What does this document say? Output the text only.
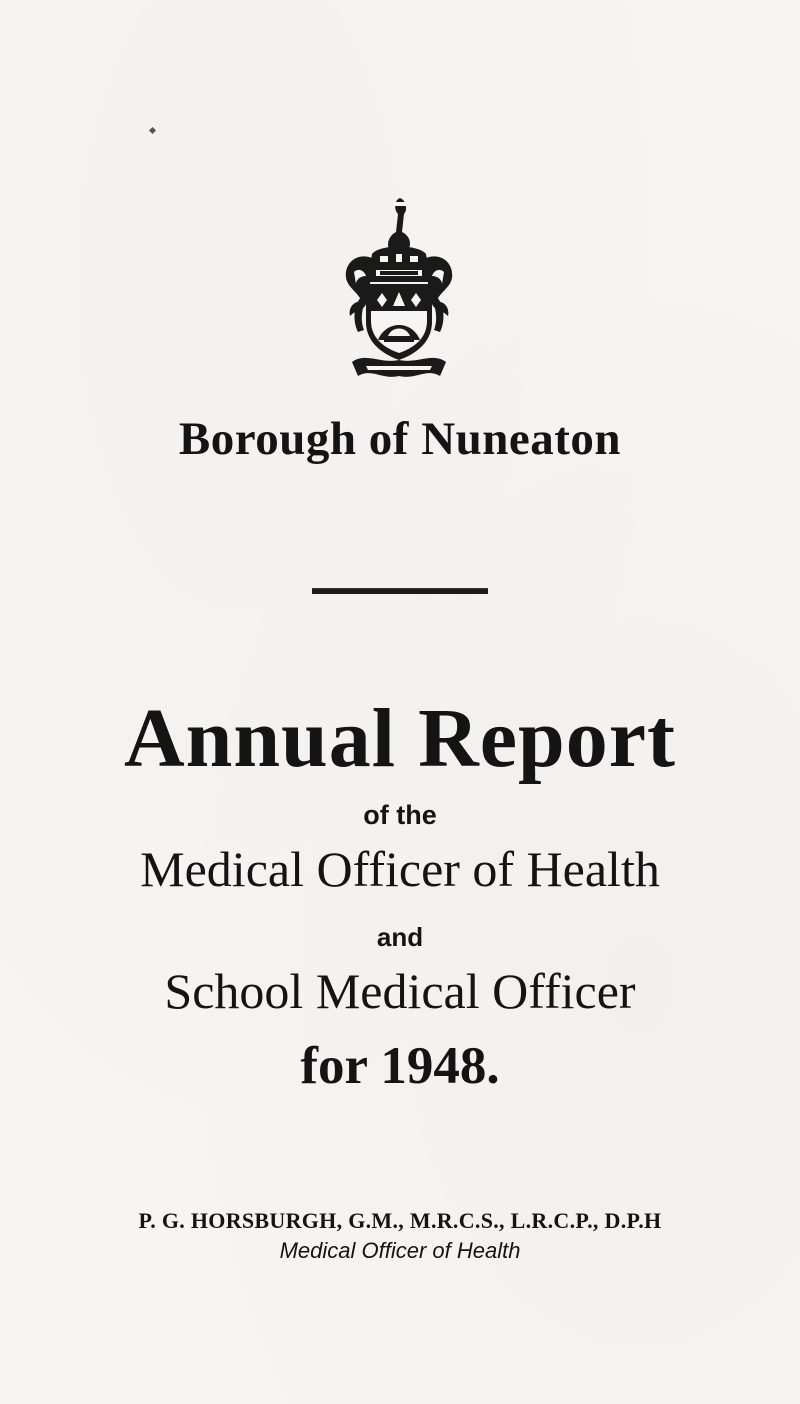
Borough of Nuneaton
Annual Report
of the
Medical Officer of Health
and
School Medical Officer
for 1948.
P. G. HORSBURGH, G.M., M.R.C.S., L.R.C.P., D.P.H
Medical Officer of Health
